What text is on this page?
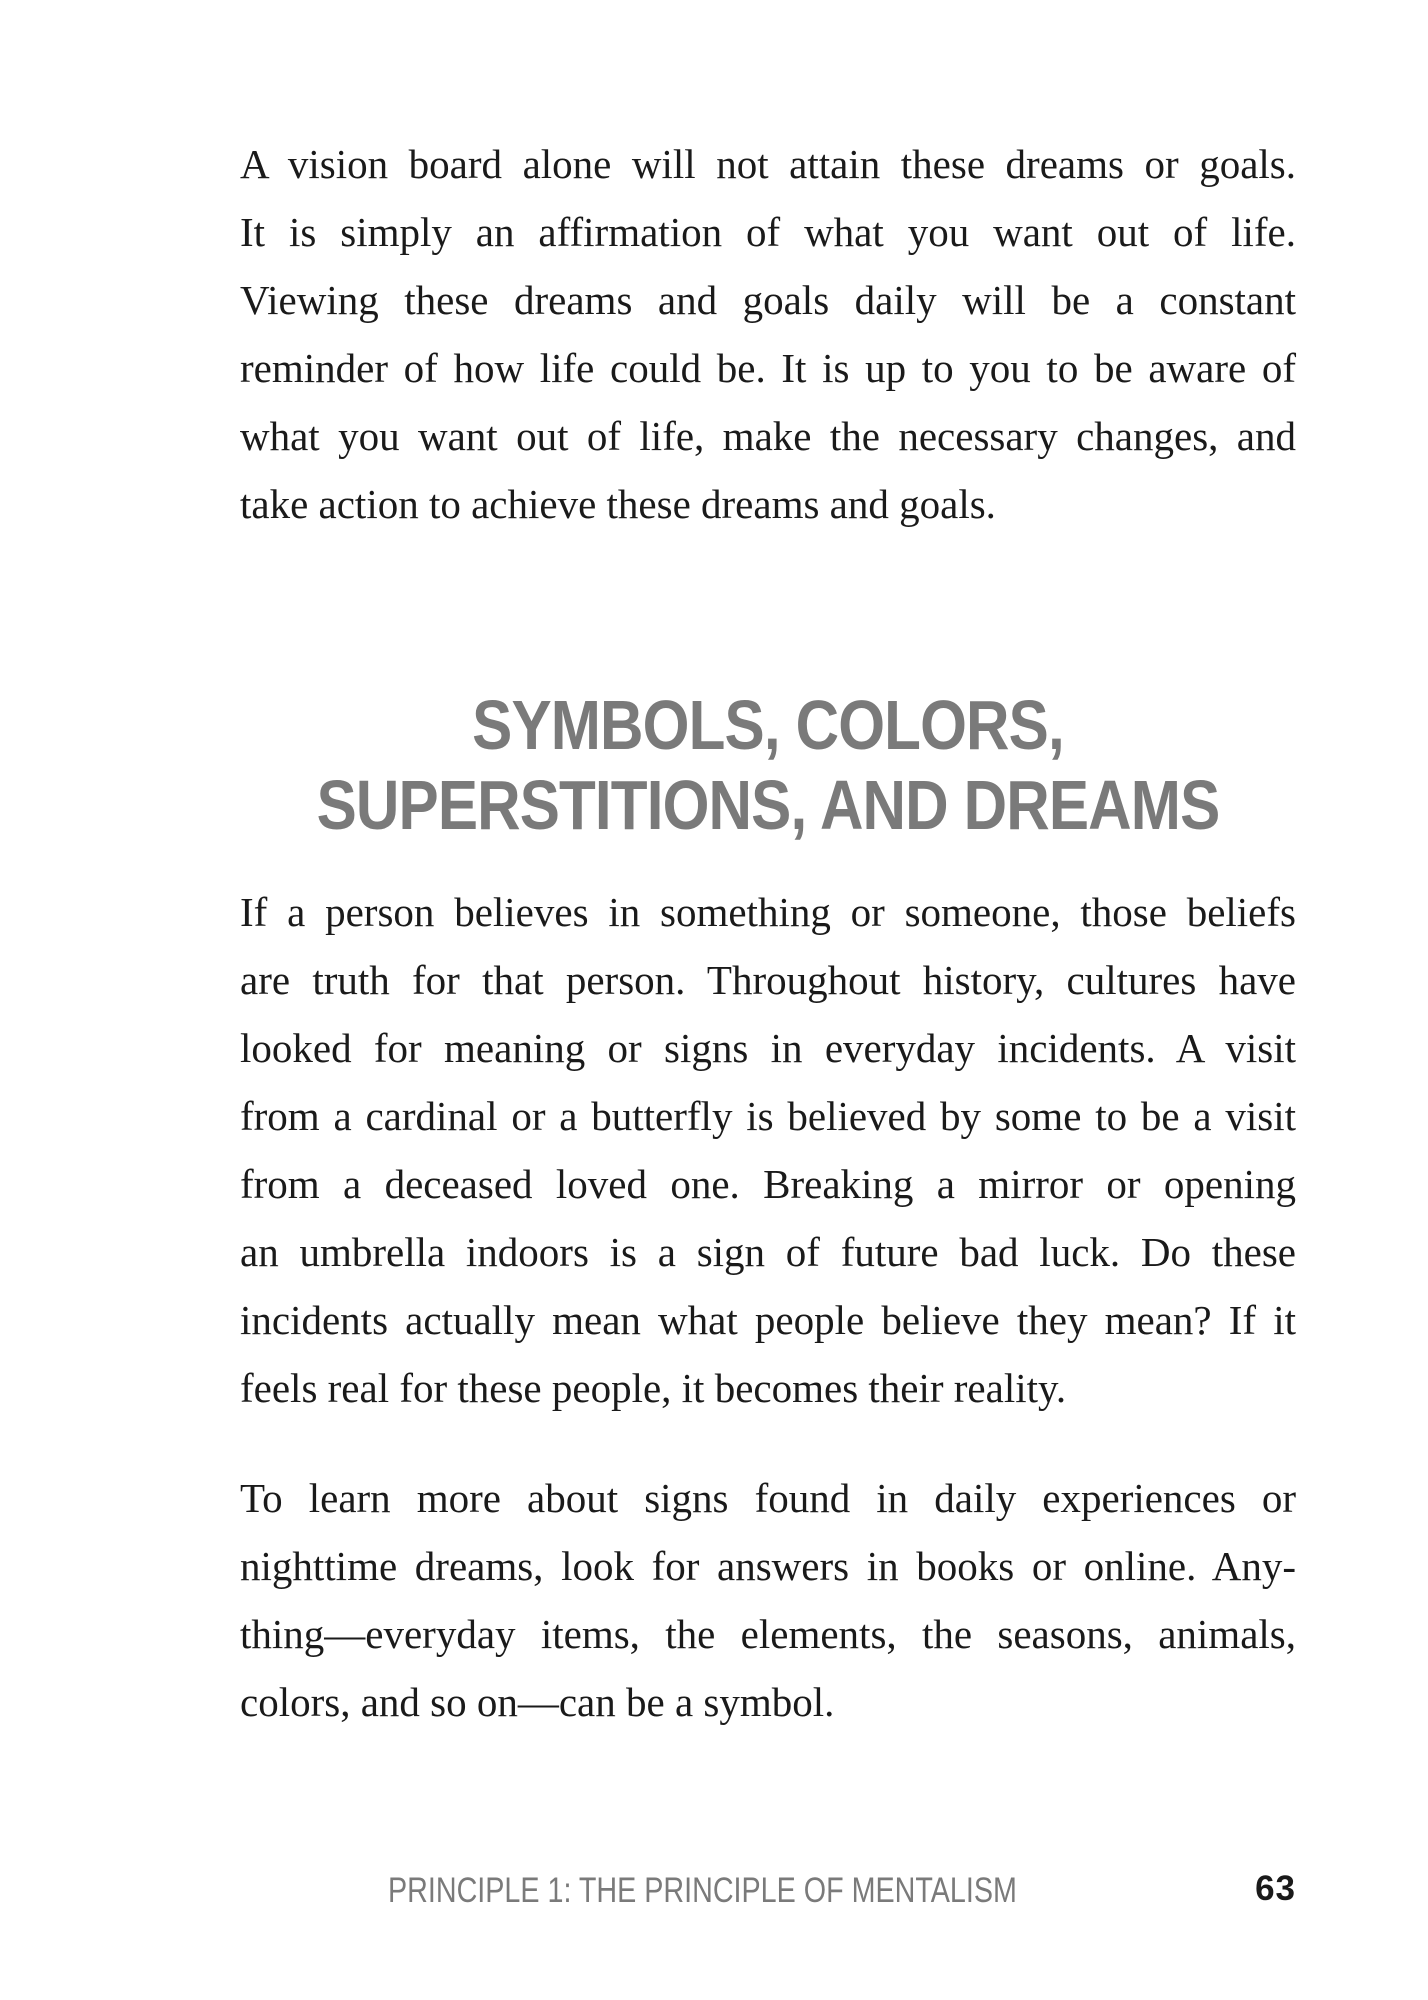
A vision board alone will not attain these dreams or goals.
It is simply an affirmation of what you want out of life.
Viewing these dreams and goals daily will be a constant
reminder of how life could be. It is up to you to be aware of
what you want out of life, make the necessary changes, and
take action to achieve these dreams and goals.

SYMBOLS, COLORS,
SUPERSTITIONS, AND DREAMS

If a person believes in something or someone, those beliefs
are truth for that person. Throughout history, cultures have
looked for meaning or signs in everyday incidents. A visit
from a cardinal or a butterfly is believed by some to be a visit
from a deceased loved one. Breaking a mirror or opening
an umbrella indoors is a sign of future bad luck. Do these
incidents actually mean what people believe they mean? If it
feels real for these people, it becomes their reality.

To learn more about signs found in daily experiences or
nighttime dreams, look for answers in books or online. Any-
thing—everyday items, the elements, the seasons, animals,
colors, and so on—can be a symbol.

PRINCIPLE 1: THE PRINCIPLE OF MENTALISM	63
